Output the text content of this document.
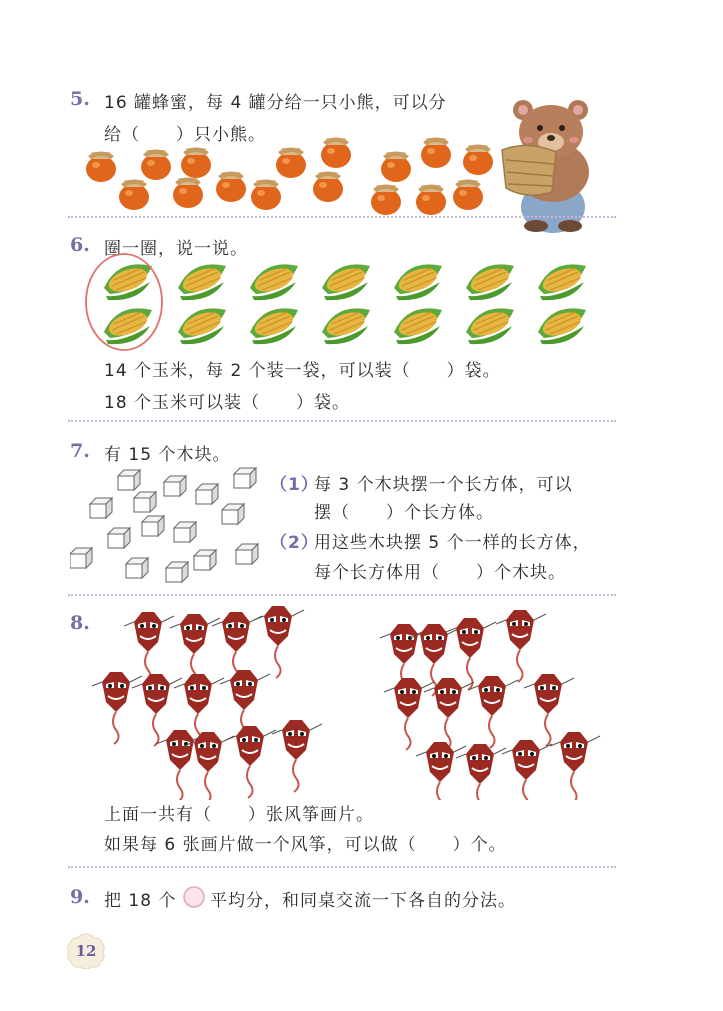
5. 16 罐蜂蜜，每 4 罐分给一只小熊，可以分
给（　　）只小熊。
6. 圈一圈，说一说。
14 个玉米，每 2 个装一袋，可以装（　　）袋。
18 个玉米可以装（　　）袋。
7. 有 15 个木块。
（1）
每 3 个木块摆一个长方体，可以
摆（　　）个长方体。
（2）
用这些木块摆 5 个一样的长方体，
每个长方体用（　　）个木块。
8.
上面一共有（　　）张风筝画片。
如果每 6 张画片做一个风筝，可以做（　　）个。
9. 把 18 个 平均分，和同桌交流一下各自的分法。
12
